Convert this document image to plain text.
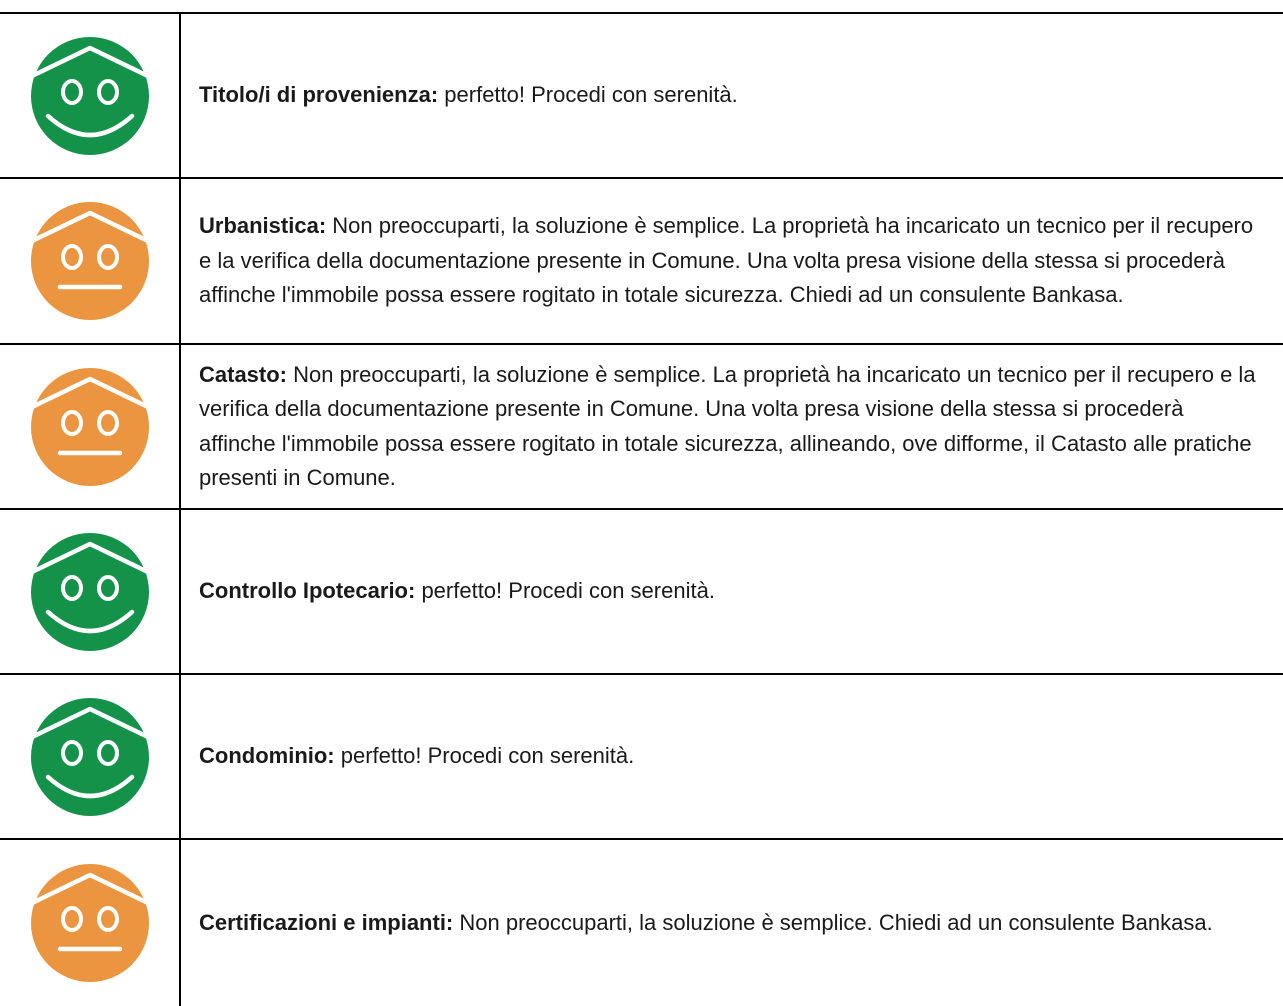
Titolo/i di provenienza: perfetto! Procedi con serenità.

Urbanistica: Non preoccuparti, la soluzione è semplice. La proprietà ha incaricato un tecnico per il recupero e la verifica della documentazione presente in Comune. Una volta presa visione della stessa si procederà affinche l'immobile possa essere rogitato in totale sicurezza. Chiedi ad un consulente Bankasa.

Catasto: Non preoccuparti, la soluzione è semplice. La proprietà ha incaricato un tecnico per il recupero e la verifica della documentazione presente in Comune. Una volta presa visione della stessa si procederà affinche l'immobile possa essere rogitato in totale sicurezza, allineando, ove difforme, il Catasto alle pratiche presenti in Comune.

Controllo Ipotecario: perfetto! Procedi con serenità.

Condominio: perfetto! Procedi con serenità.

Certificazioni e impianti: Non preoccuparti, la soluzione è semplice. Chiedi ad un consulente Bankasa.
